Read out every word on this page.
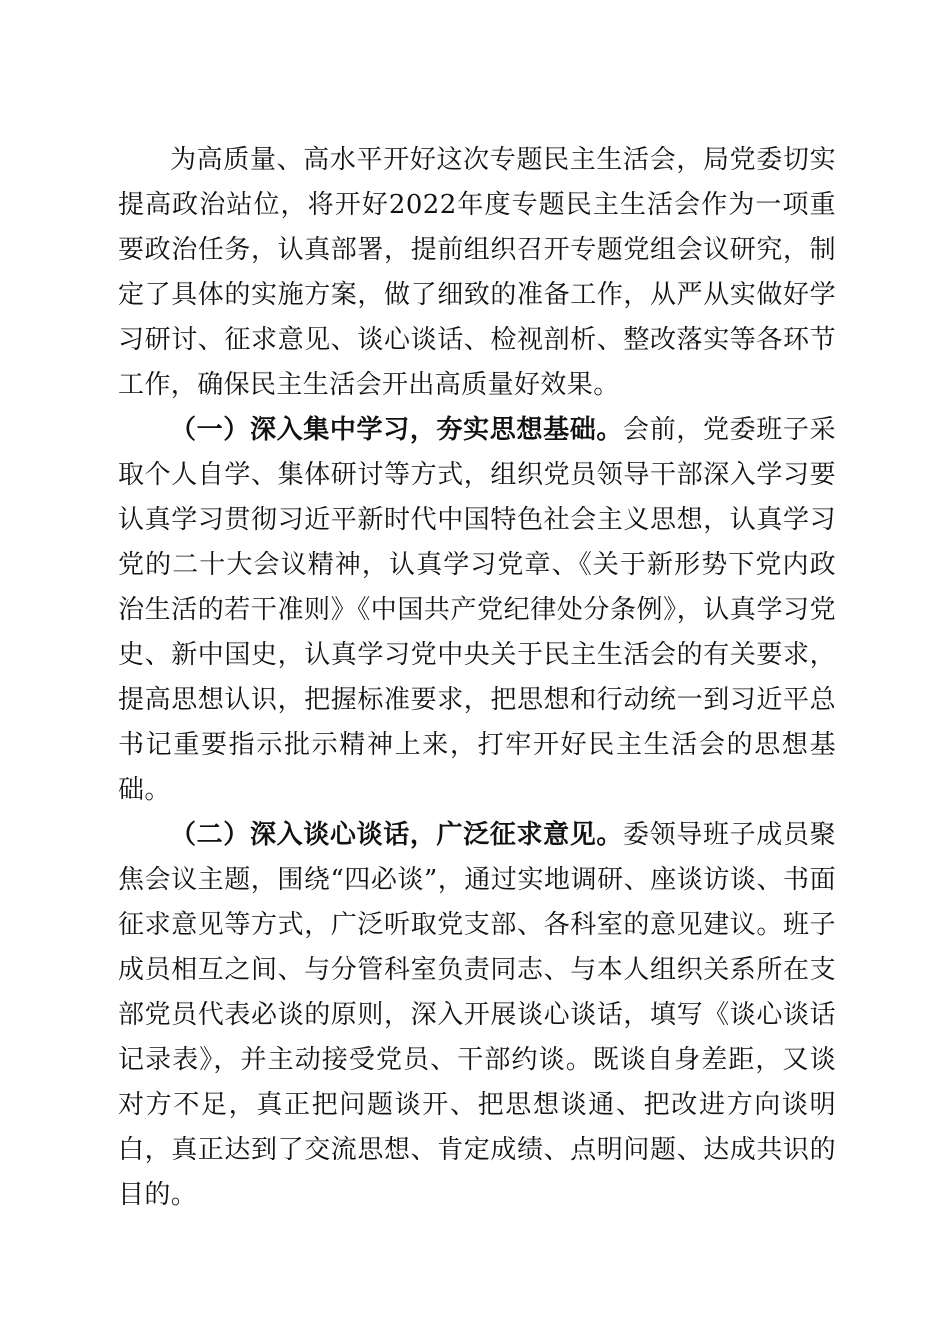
为高质量、高水平开好这次专题民主生活会，局党委切实提高政治站位，将开好2022年度专题民主生活会作为一项重要政治任务，认真部署，提前组织召开专题党组会议研究，制定了具体的实施方案，做了细致的准备工作，从严从实做好学习研讨、征求意见、谈心谈话、检视剖析、整改落实等各环节工作，确保民主生活会开出高质量好效果。

（一）深入集中学习，夯实思想基础。会前，党委班子采取个人自学、集体研讨等方式，组织党员领导干部深入学习要认真学习贯彻习近平新时代中国特色社会主义思想，认真学习党的二十大会议精神，认真学习党章、《关于新形势下党内政治生活的若干准则》《中国共产党纪律处分条例》，认真学习党史、新中国史，认真学习党中央关于民主生活会的有关要求，提高思想认识，把握标准要求，把思想和行动统一到习近平总书记重要指示批示精神上来，打牢开好民主生活会的思想基础。

（二）深入谈心谈话，广泛征求意见。委领导班子成员聚焦会议主题，围绕“四必谈”，通过实地调研、座谈访谈、书面征求意见等方式，广泛听取党支部、各科室的意见建议。班子成员相互之间、与分管科室负责同志、与本人组织关系所在支部党员代表必谈的原则，深入开展谈心谈话，填写《谈心谈话记录表》，并主动接受党员、干部约谈。既谈自身差距，又谈对方不足，真正把问题谈开、把思想谈通、把改进方向谈明白，真正达到了交流思想、肯定成绩、点明问题、达成共识的目的。
